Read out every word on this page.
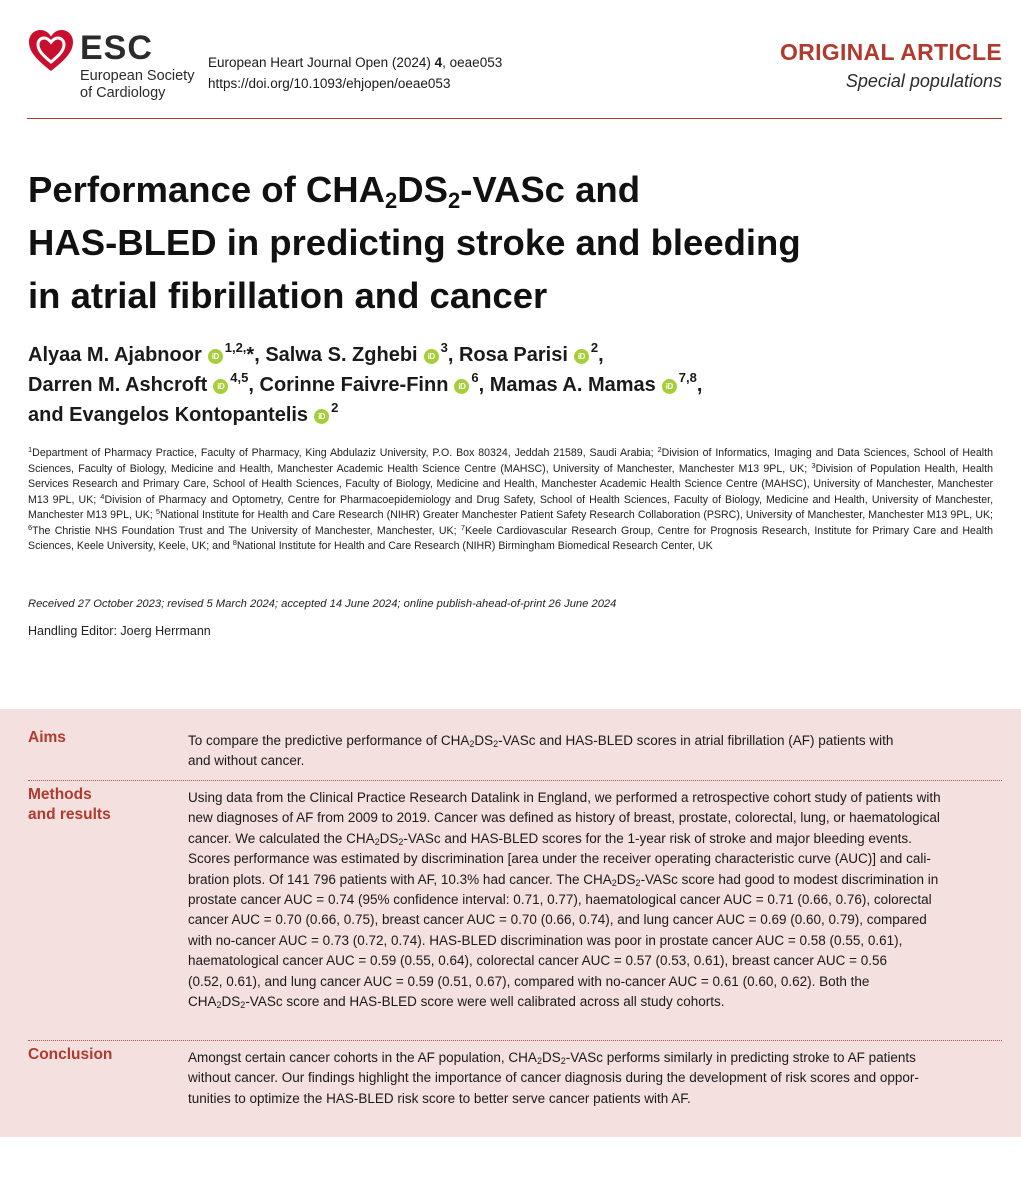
ESC
European Society
of Cardiology
European Heart Journal Open (2024) 4, oeae053
https://doi.org/10.1093/ehjopen/oeae053
ORIGINAL ARTICLE
Special populations
Performance of $CHA_2DS_2$-VASc and
HAS-BLED in predicting stroke and bleeding
in atrial fibrillation and cancer
Alyaa M. Ajabnoor $iD^{1,2,}*$, Salwa S. Zghebi $iD^3$, Rosa Parisi $iD^2$,
Darren M. Ashcroft iD$^{4,5}$, Corinne Faivre-Finn $iD^6$, Mamas A. Mamas iD$^{7,8}$,
and Evangelos Kontopantelis $iD^2$
$^1$Department of Pharmacy Practice, Faculty of Pharmacy, King Abdulaziz University, P.O. Box 80324, Jeddah 21589, Saudi Arabia; $^2$Division of Informatics, Imaging and Data Sciences, School of Health Sciences, Faculty of Biology, Medicine and Health, Manchester Academic Health Science Centre (MAHSC), University of Manchester, Manchester M13 9PL, UK; $^3$Division of Population Health, Health Services Research and Primary Care, School of Health Sciences, Faculty of Biology, Medicine and Health, Manchester Academic Health Science Centre (MAHSC), University of Manchester, Manchester M13 9PL, UK; $^4$Division of Pharmacy and Optometry, Centre for Pharmacoepidemiology and Drug Safety, School of Health Sciences, Faculty of Biology, Medicine and Health, University of Manchester, Manchester M13 9PL, UK; $^5$National Institute for Health and Care Research (NIHR) Greater Manchester Patient Safety Research Collaboration (PSRC), University of Manchester, Manchester M13 9PL, UK; $^6$The Christie NHS Foundation Trust and The University of Manchester, Manchester, UK; $^7$Keele Cardiovascular Research Group, Centre for Prognosis Research, Institute for Primary Care and Health Sciences, Keele University, Keele, UK; and $^8$National Institute for Health and Care Research (NIHR) Birmingham Biomedical Research Center, UK
Received 27 October 2023; revised 5 March 2024; accepted 14 June 2024; online publish-ahead-of-print 26 June 2024
Handling Editor: Joerg Herrmann
Aims	To compare the predictive performance of $CHA_2DS_2$-VASc and HAS-BLED scores in atrial fibrillation (AF) patients with
and without cancer.
Methods
and results
Using data from the Clinical Practice Research Datalink in England, we performed a retrospective cohort study of patients with
new diagnoses of AF from 2009 to 2019. Cancer was defined as history of breast, prostate, colorectal, lung, or haematological
cancer. We calculated the $CHA_2DS_2$-VASc and HAS-BLED scores for the 1-year risk of stroke and major bleeding events.
Scores performance was estimated by discrimination [area under the receiver operating characteristic curve (AUC)] and cali-
bration plots. Of 141 796 patients with AF, 10.3% had cancer. The $CHA_2DS_2$-VASc score had good to modest discrimination in
prostate cancer AUC = 0.74 (95% confidence interval: 0.71, 0.77), haematological cancer AUC = 0.71 (0.66, 0.76), colorectal
cancer AUC = 0.70 (0.66, 0.75), breast cancer AUC = 0.70 (0.66, 0.74), and lung cancer AUC = 0.69 (0.60, 0.79), compared
with no-cancer AUC = 0.73 (0.72, 0.74). HAS-BLED discrimination was poor in prostate cancer AUC = 0.58 (0.55, 0.61),
haematological cancer AUC = 0.59 (0.55, 0.64), colorectal cancer AUC = 0.57 (0.53, 0.61), breast cancer AUC = 0.56
(0.52, 0.61), and lung cancer AUC = 0.59 (0.51, 0.67), compared with no-cancer AUC = 0.61 (0.60, 0.62). Both the
$CHA_2DS_2$-VASc score and HAS-BLED score were well calibrated across all study cohorts.
Conclusion	Amongst certain cancer cohorts in the AF population, $CHA_2DS_2$-VASc performs similarly in predicting stroke to AF patients
without cancer. Our findings highlight the importance of cancer diagnosis during the development of risk scores and oppor-
tunities to optimize the HAS-BLED risk score to better serve cancer patients with AF.
